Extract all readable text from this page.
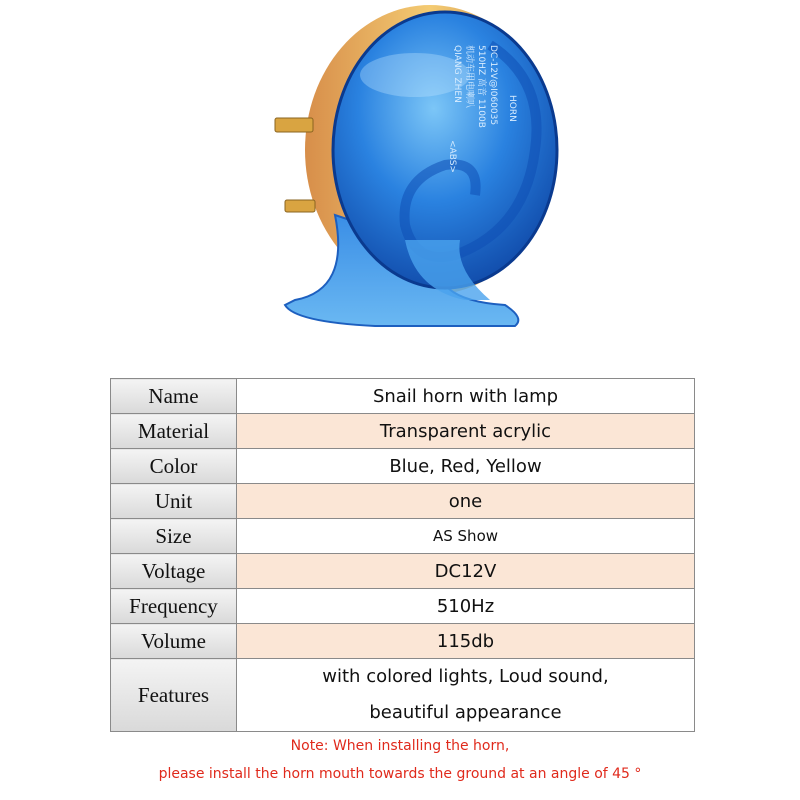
HORN
QIANG ZHEN 机动车用电喇叭 510HZ 高音 1100B DC-12V@I060035
<ABS>
Name	Snail horn with lamp
Material	Transparent acrylic
Color	Blue, Red, Yellow
Unit	one
Size	AS Show
Voltage	DC12V
Frequency	510Hz
Volume	115db
Features	with colored lights, Loud sound,
beautiful appearance
Note: When installing the horn,
please install the horn mouth towards the ground at an angle of 45 °
